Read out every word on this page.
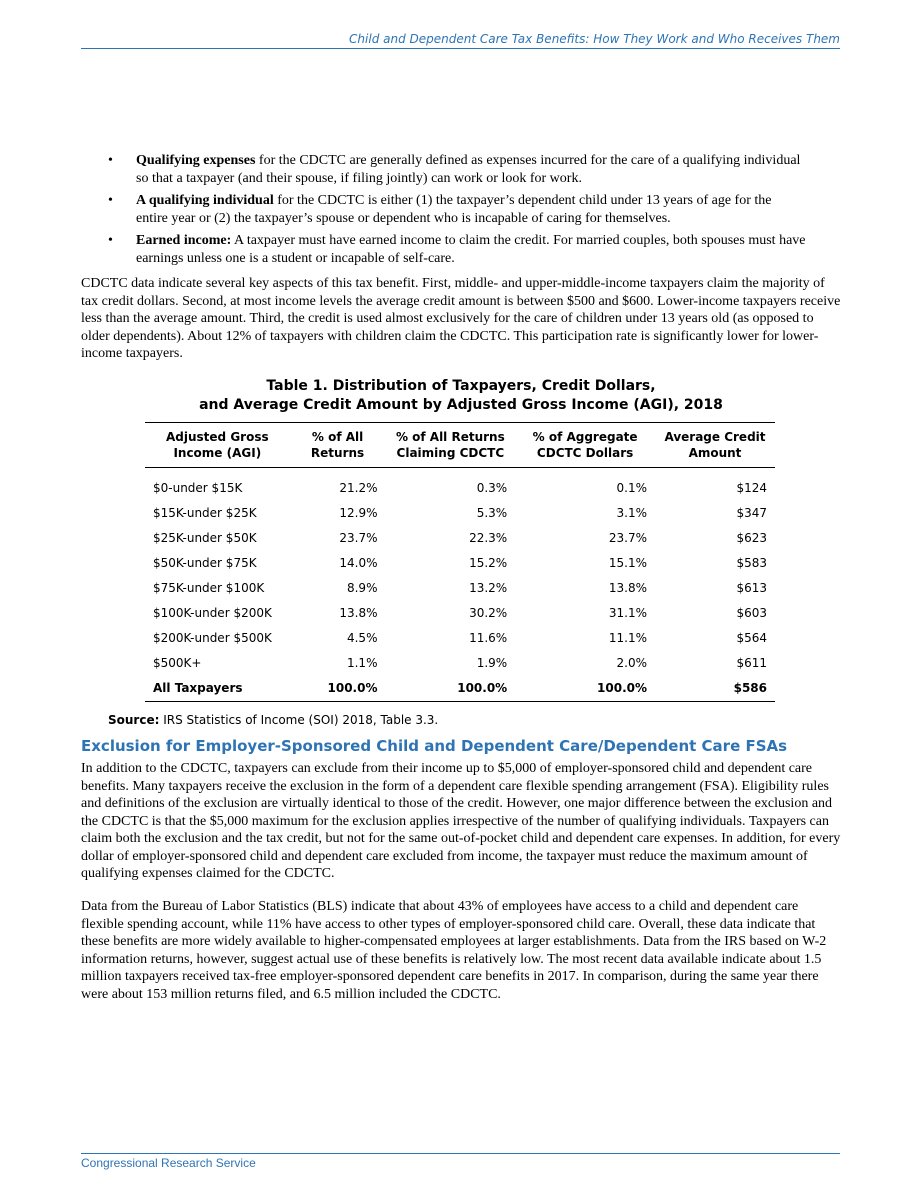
Child and Dependent Care Tax Benefits: How They Work and Who Receives Them
• Qualifying expenses for the CDCTC are generally defined as expenses incurred for the care of a qualifying individual so that a taxpayer (and their spouse, if filing jointly) can work or look for work.
• A qualifying individual for the CDCTC is either (1) the taxpayer’s dependent child under 13 years of age for the entire year or (2) the taxpayer’s spouse or dependent who is incapable of caring for themselves.
• Earned income: A taxpayer must have earned income to claim the credit. For married couples, both spouses must have earnings unless one is a student or incapable of self-care.

CDCTC data indicate several key aspects of this tax benefit. First, middle- and upper-middle-income taxpayers claim the majority of tax credit dollars. Second, at most income levels the average credit amount is between $500 and $600. Lower-income taxpayers receive less than the average amount. Third, the credit is used almost exclusively for the care of children under 13 years old (as opposed to older dependents). About 12% of taxpayers with children claim the CDCTC. This participation rate is significantly lower for lower-income taxpayers.

Table 1. Distribution of Taxpayers, Credit Dollars,
and Average Credit Amount by Adjusted Gross Income (AGI), 2018
Adjusted Gross Income (AGI)	% of All Returns	% of All Returns Claiming CDCTC	% of Aggregate CDCTC Dollars	Average Credit Amount

$0-under $15K	21.2%	0.3%	0.1%	$124
$15K-under $25K	12.9%	5.3%	3.1%	$347
$25K-under $50K	23.7%	22.3%	23.7%	$623
$50K-under $75K	14.0%	15.2%	15.1%	$583
$75K-under $100K	8.9%	13.2%	13.8%	$613
$100K-under $200K	13.8%	30.2%	31.1%	$603
$200K-under $500K	4.5%	11.6%	11.1%	$564
$500K+	1.1%	1.9%	2.0%	$611
All Taxpayers	100.0%	100.0%	100.0%	$586
Source: IRS Statistics of Income (SOI) 2018, Table 3.3.
Exclusion for Employer-Sponsored Child and Dependent Care/Dependent Care FSAs

In addition to the CDCTC, taxpayers can exclude from their income up to $5,000 of employer-sponsored child and dependent care benefits. Many taxpayers receive the exclusion in the form of a dependent care flexible spending arrangement (FSA). Eligibility rules and definitions of the exclusion are virtually identical to those of the credit. However, one major difference between the exclusion and the CDCTC is that the $5,000 maximum for the exclusion applies irrespective of the number of qualifying individuals. Taxpayers can claim both the exclusion and the tax credit, but not for the same out-of-pocket child and dependent care expenses. In addition, for every dollar of employer-sponsored child and dependent care excluded from income, the taxpayer must reduce the maximum amount of qualifying expenses claimed for the CDCTC.

Data from the Bureau of Labor Statistics (BLS) indicate that about 43% of employees have access to a child and dependent care flexible spending account, while 11% have access to other types of employer-sponsored child care. Overall, these data indicate that these benefits are more widely available to higher-compensated employees at larger establishments. Data from the IRS based on W-2 information returns, however, suggest actual use of these benefits is relatively low. The most recent data available indicate about 1.5 million taxpayers received tax-free employer-sponsored dependent care benefits in 2017. In comparison, during the same year there were about 153 million returns filed, and 6.5 million included the CDCTC.

Congressional Research Service
